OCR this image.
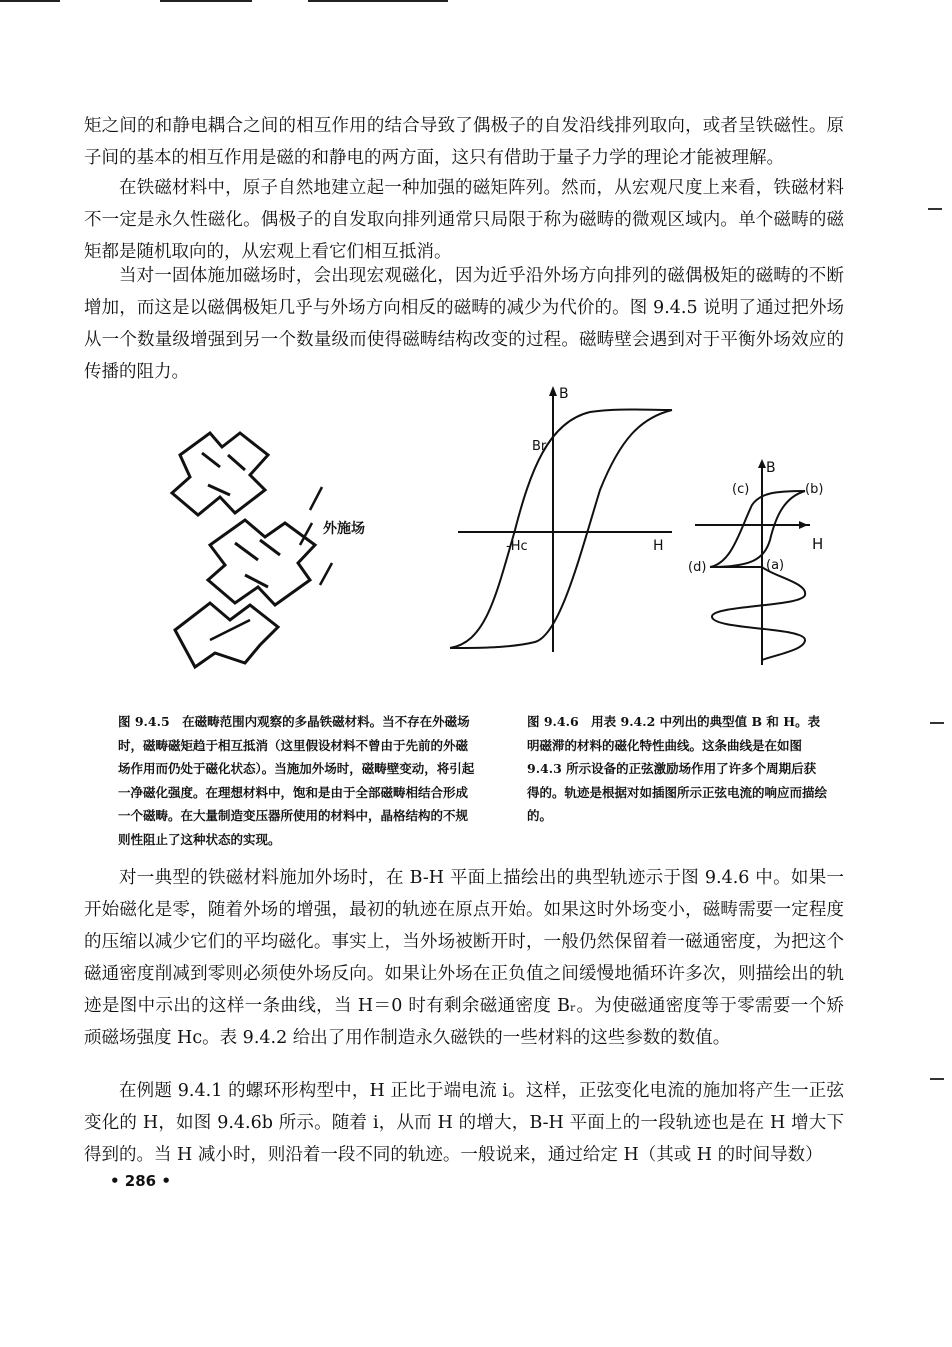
矩之间的和静电耦合之间的相互作用的结合导致了偶极子的自发沿线排列取向，或者呈铁磁性。原子间的基本的相互作用是磁的和静电的两方面，这只有借助于量子力学的理论才能被理解。

在铁磁材料中，原子自然地建立起一种加强的磁矩阵列。然而，从宏观尺度上来看，铁磁材料不一定是永久性磁化。偶极子的自发取向排列通常只局限于称为磁畴的微观区域内。单个磁畴的磁矩都是随机取向的，从宏观上看它们相互抵消。

当对一固体施加磁场时，会出现宏观磁化，因为近乎沿外场方向排列的磁偶极矩的磁畴的不断增加，而这是以磁偶极矩几乎与外场方向相反的磁畴的减少为代价的。图 9.4.5 说明了通过把外场从一个数量级增强到另一个数量级而使得磁畴结构改变的过程。磁畴壁会遇到对于平衡外场效应的传播的阻力。

外施场
B
H
Br
-Hc
B
H
(a)
(b)
(c)
(d)

图 9.4.5　在磁畴范围内观察的多晶铁磁材料。当不存在外磁场时，磁畴磁矩趋于相互抵消（这里假设材料不曾由于先前的外磁场作用而仍处于磁化状态）。当施加外场时，磁畴壁变动，将引起一净磁化强度。在理想材料中，饱和是由于全部磁畴相结合形成一个磁畴。在大量制造变压器所使用的材料中，晶格结构的不规则性阻止了这种状态的实现。

图 9.4.6　用表 9.4.2 中列出的典型值 B 和 H。表明磁滞的材料的磁化特性曲线。这条曲线是在如图 9.4.3 所示设备的正弦激励场作用了许多个周期后获得的。轨迹是根据对如插图所示正弦电流的响应而描绘的。

对一典型的铁磁材料施加外场时，在 B-H 平面上描绘出的典型轨迹示于图 9.4.6 中。如果一开始磁化是零，随着外场的增强，最初的轨迹在原点开始。如果这时外场变小，磁畴需要一定程度的压缩以减少它们的平均磁化。事实上，当外场被断开时，一般仍然保留着一磁通密度，为把这个磁通密度削减到零则必须使外场反向。如果让外场在正负值之间缓慢地循环许多次，则描绘出的轨迹是图中示出的这样一条曲线，当 H＝0 时有剩余磁通密度 Bᵣ。为使磁通密度等于零需要一个矫顽磁场强度 Hc。表 9.4.2 给出了用作制造永久磁铁的一些材料的这些参数的数值。

在例题 9.4.1 的螺环形构型中，H 正比于端电流 i。这样，正弦变化电流的施加将产生一正弦变化的 H，如图 9.4.6b 所示。随着 i，从而 H 的增大，B-H 平面上的一段轨迹也是在 H 增大下得到的。当 H 减小时，则沿着一段不同的轨迹。一般说来，通过给定 H（其或 H 的时间导数）

• 286 •
